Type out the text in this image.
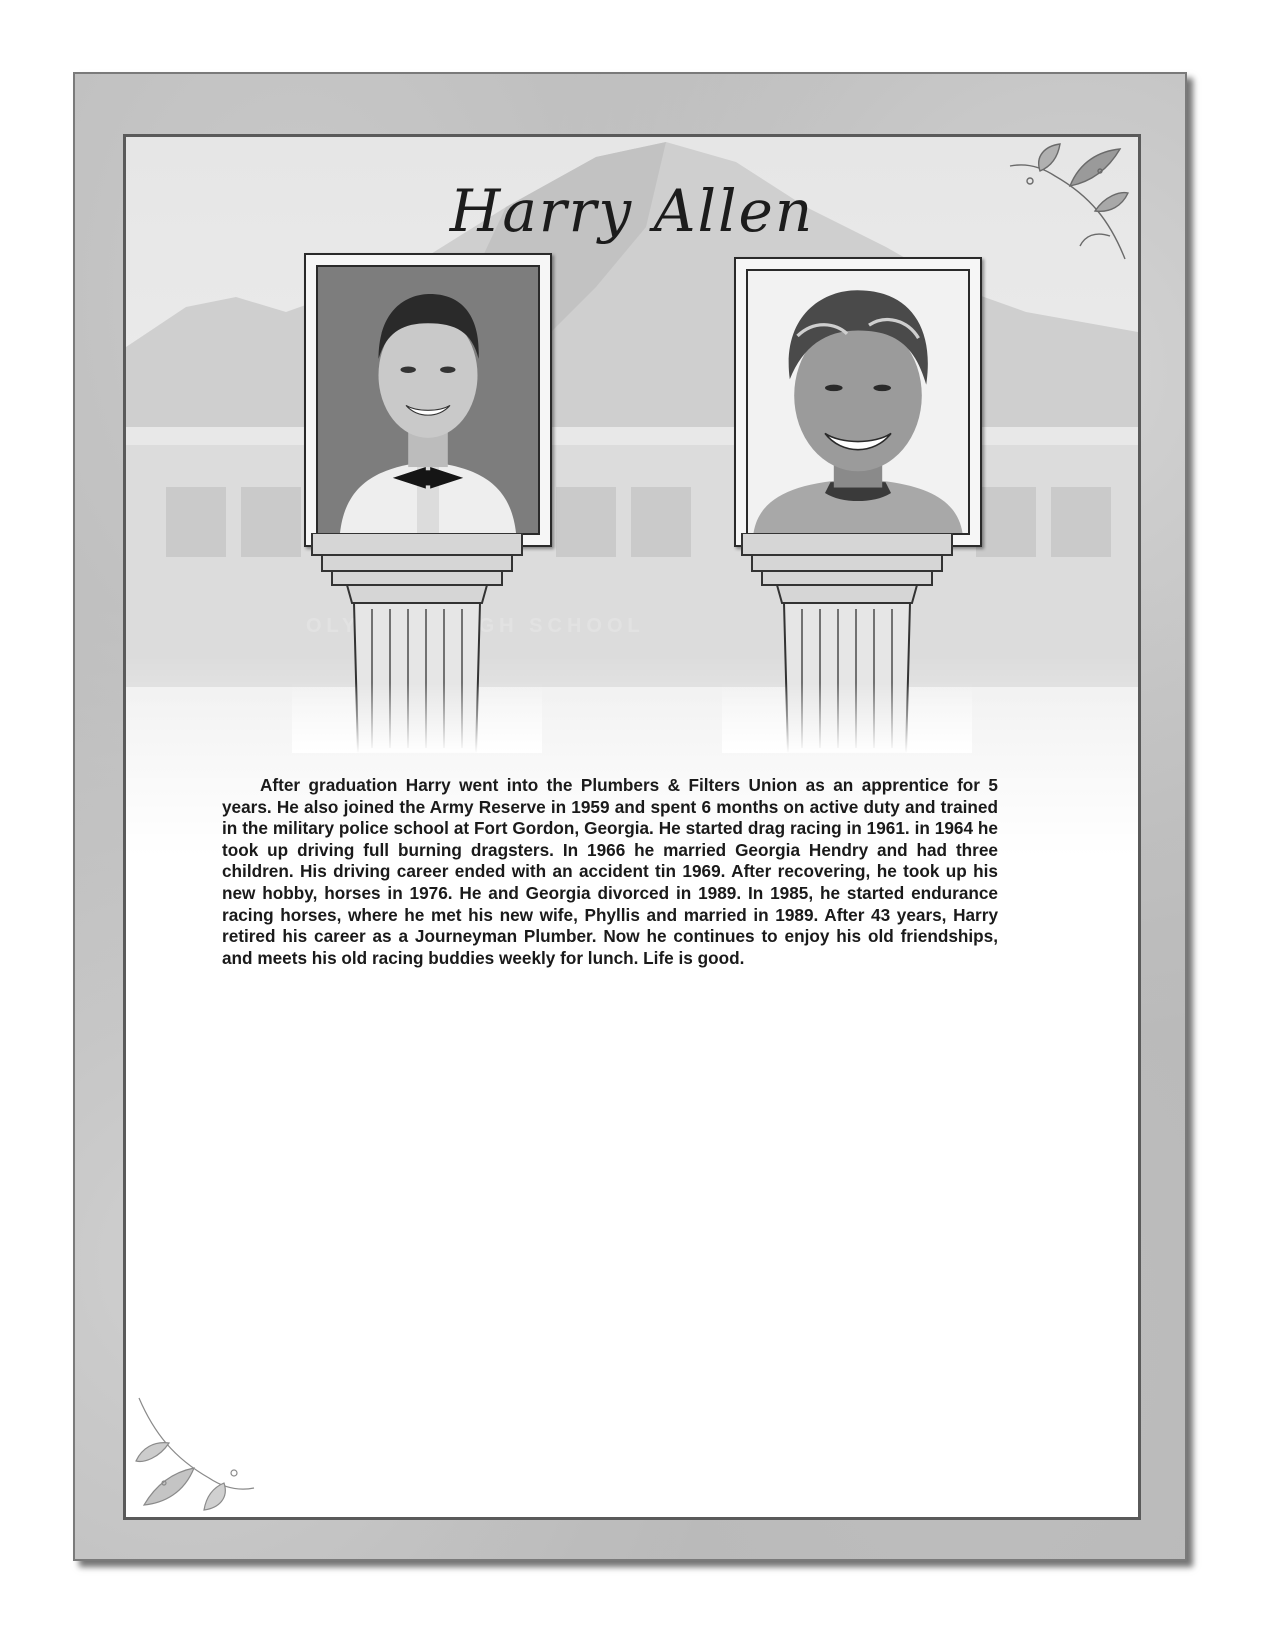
Harry Allen

After graduation Harry went into the Plumbers & Filters Union as an apprentice for 5 years. He also joined the Army Reserve in 1959 and spent 6 months on active duty and trained in the military police school at Fort Gordon, Georgia. He started drag racing in 1961. in 1964 he took up driving full burning dragsters. In 1966 he married Georgia Hendry and had three children. His driving career ended with an accident tin 1969. After recovering, he took up his new hobby, horses in 1976. He and Georgia divorced in 1989. In 1985, he started endurance racing horses, where he met his new wife, Phyllis and married in 1989. After 43 years, Harry retired his career as a Journeyman Plumber. Now he continues to enjoy his old friendships, and meets his old racing buddies weekly for lunch. Life is good.
